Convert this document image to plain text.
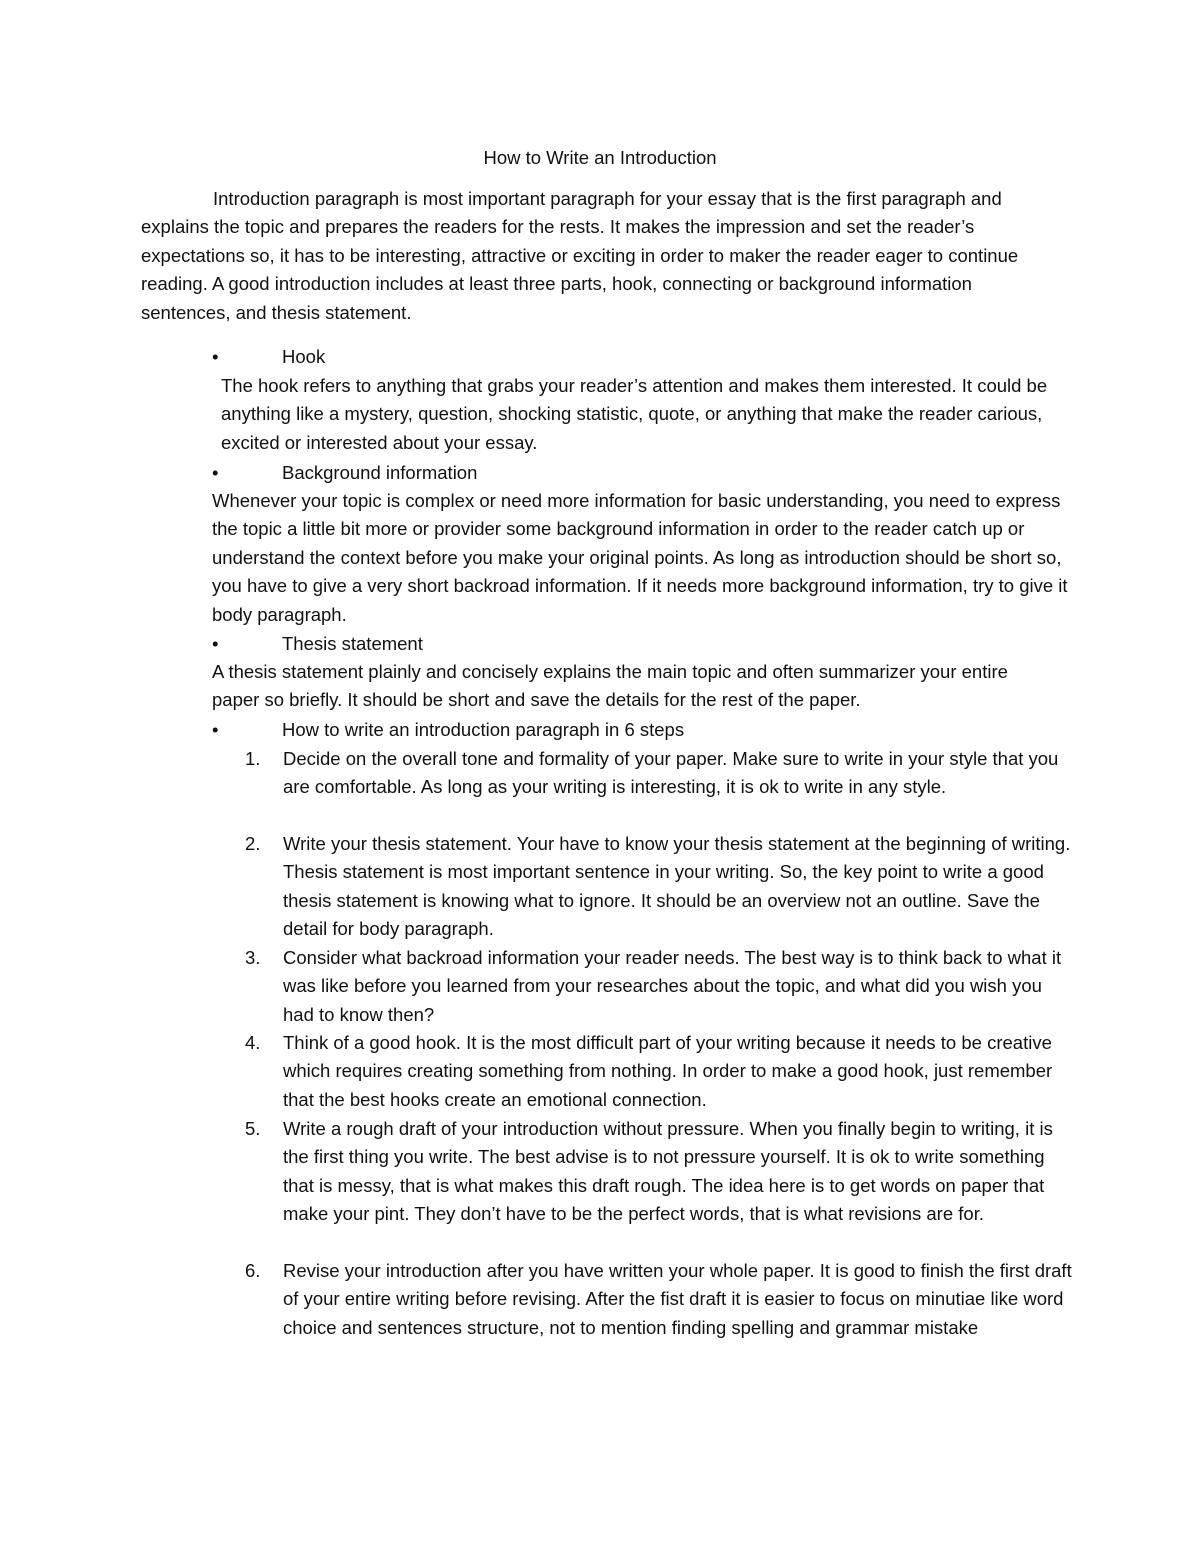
How to Write an Introduction

Introduction paragraph is most important paragraph for your essay that is the first paragraph and explains the topic and prepares the readers for the rests. It makes the impression and set the reader’s expectations so, it has to be interesting, attractive or exciting in order to maker the reader eager to continue reading. A good introduction includes at least three parts, hook, connecting or background information sentences, and thesis statement.

•	Hook

The hook refers to anything that grabs your reader’s attention and makes them interested. It could be anything like a mystery, question, shocking statistic, quote, or anything that make the reader carious, excited or interested about your essay.

•	Background information

Whenever your topic is complex or need more information for basic understanding, you need to express the topic a little bit more or provider some background information in order to the reader catch up or understand the context before you make your original points. As long as introduction should be short so, you have to give a very short backroad information. If it needs more background information, try to give it body paragraph.

•	Thesis statement

A thesis statement plainly and concisely explains the main topic and often summarizer your entire paper so briefly. It should be short and save the details for the rest of the paper.

•	How to write an introduction paragraph in 6 steps
1.	Decide on the overall tone and formality of your paper. Make sure to write in your style that you are comfortable. As long as your writing is interesting, it is ok to write in any style.
2.	Write your thesis statement. Your have to know your thesis statement at the beginning of writing. Thesis statement is most important sentence in your writing. So, the key point to write a good thesis statement is knowing what to ignore. It should be an overview not an outline. Save the detail for body paragraph.
3.	Consider what backroad information your reader needs. The best way is to think back to what it was like before you learned from your researches about the topic, and what did you wish you had to know then?
4.	Think of a good hook. It is the most difficult part of your writing because it needs to be creative which requires creating something from nothing. In order to make a good hook, just remember that the best hooks create an emotional connection.
5.	Write a rough draft of your introduction without pressure. When you finally begin to writing, it is the first thing you write. The best advise is to not pressure yourself. It is ok to write something that is messy, that is what makes this draft rough. The idea here is to get words on paper that make your pint. They don’t have to be the perfect words, that is what revisions are for.
6.	Revise your introduction after you have written your whole paper. It is good to finish the first draft of your entire writing before revising. After the fist draft it is easier to focus on minutiae like word choice and sentences structure, not to mention finding spelling and grammar mistake
